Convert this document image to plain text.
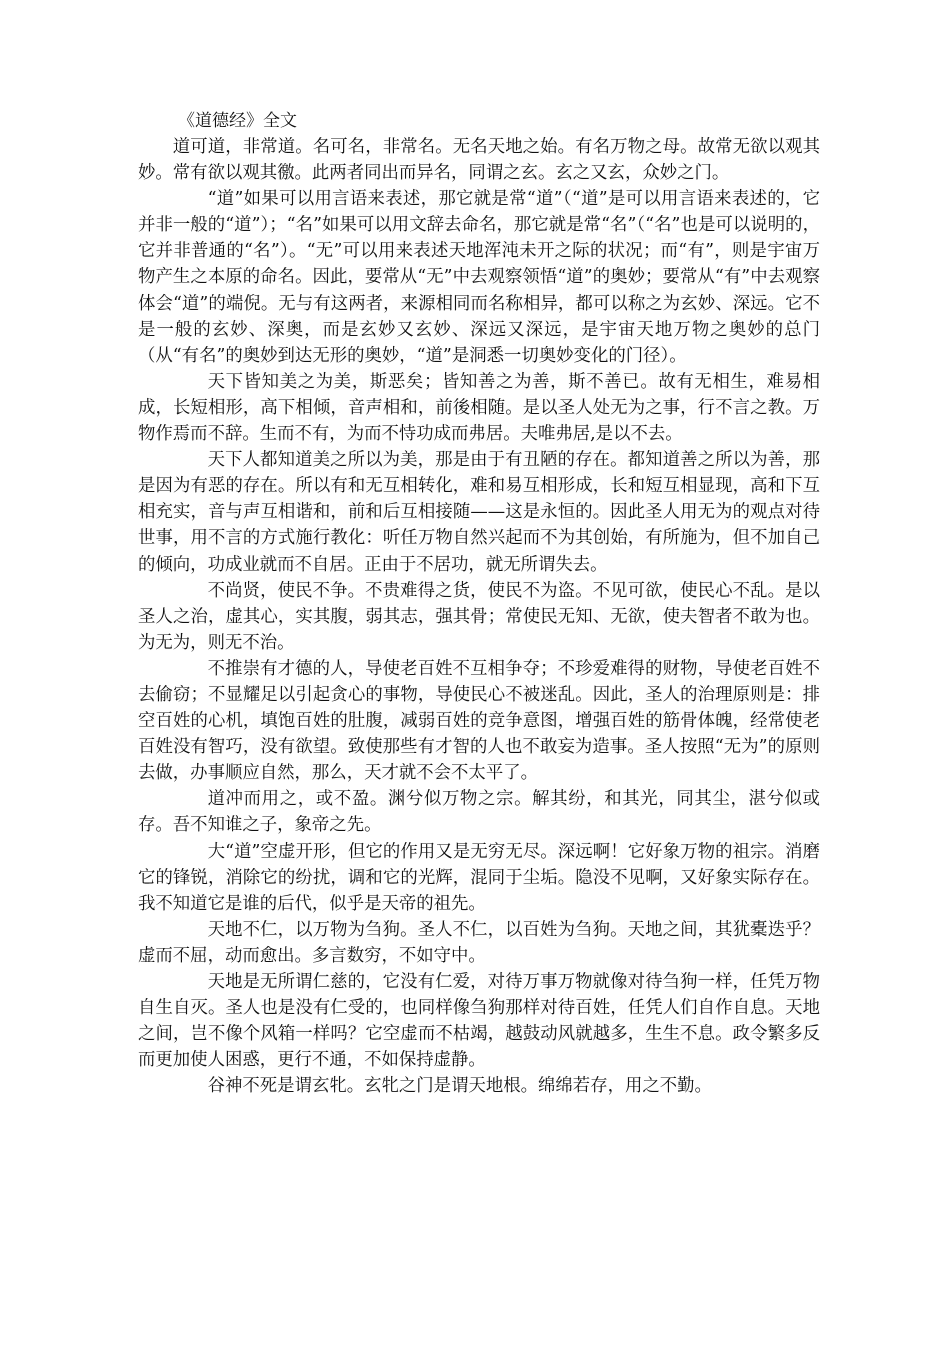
《道德经》全文

道可道，非常道。名可名，非常名。无名天地之始。有名万物之母。故常无欲以观其妙。常有欲以观其徼。此两者同出而异名，同谓之玄。玄之又玄，众妙之门。

“道”如果可以用言语来表述，那它就是常“道”（“道”是可以用言语来表述的，它并非一般的“道”）；“名”如果可以用文辞去命名，那它就是常“名”（“名”也是可以说明的，它并非普通的“名”）。“无”可以用来表述天地浑沌未开之际的状况；而“有”，则是宇宙万物产生之本原的命名。因此，要常从“无”中去观察领悟“道”的奥妙；要常从“有”中去观察体会“道”的端倪。无与有这两者，来源相同而名称相异，都可以称之为玄妙、深远。它不是一般的玄妙、深奥，而是玄妙又玄妙、深远又深远，是宇宙天地万物之奥妙的总门（从“有名”的奥妙到达无形的奥妙，“道”是洞悉一切奥妙变化的门径）。

天下皆知美之为美，斯恶矣；皆知善之为善，斯不善已。故有无相生，难易相成，长短相形，高下相倾，音声相和，前後相随。是以圣人处无为之事，行不言之教。万物作焉而不辞。生而不有，为而不恃功成而弗居。夫唯弗居,是以不去。

天下人都知道美之所以为美，那是由于有丑陋的存在。都知道善之所以为善，那是因为有恶的存在。所以有和无互相转化，难和易互相形成，长和短互相显现，高和下互相充实，音与声互相谐和，前和后互相接随——这是永恒的。因此圣人用无为的观点对待世事，用不言的方式施行教化：听任万物自然兴起而不为其创始，有所施为，但不加自己的倾向，功成业就而不自居。正由于不居功，就无所谓失去。

不尚贤，使民不争。不贵难得之货，使民不为盗。不见可欲，使民心不乱。是以圣人之治，虚其心，实其腹，弱其志，强其骨；常使民无知、无欲，使夫智者不敢为也。为无为，则无不治。

不推崇有才德的人，导使老百姓不互相争夺；不珍爱难得的财物，导使老百姓不去偷窃；不显耀足以引起贪心的事物，导使民心不被迷乱。因此，圣人的治理原则是：排空百姓的心机，填饱百姓的肚腹，减弱百姓的竞争意图，增强百姓的筋骨体魄，经常使老百姓没有智巧，没有欲望。致使那些有才智的人也不敢妄为造事。圣人按照“无为”的原则去做，办事顺应自然，那么，天才就不会不太平了。

道冲而用之，或不盈。渊兮似万物之宗。解其纷，和其光，同其尘，湛兮似或存。吾不知谁之子，象帝之先。

大“道”空虚开形，但它的作用又是无穷无尽。深远啊！它好象万物的祖宗。消磨它的锋锐，消除它的纷扰，调和它的光辉，混同于尘垢。隐没不见啊，又好象实际存在。我不知道它是谁的后代，似乎是天帝的祖先。

天地不仁，以万物为刍狗。圣人不仁，以百姓为刍狗。天地之间，其犹橐迭乎？虚而不屈，动而愈出。多言数穷，不如守中。

天地是无所谓仁慈的，它没有仁爱，对待万事万物就像对待刍狗一样，任凭万物自生自灭。圣人也是没有仁受的，也同样像刍狗那样对待百姓，任凭人们自作自息。天地之间，岂不像个风箱一样吗？它空虚而不枯竭，越鼓动风就越多，生生不息。政令繁多反而更加使人困惑，更行不通，不如保持虚静。

谷神不死是谓玄牝。玄牝之门是谓天地根。绵绵若存，用之不勤。
